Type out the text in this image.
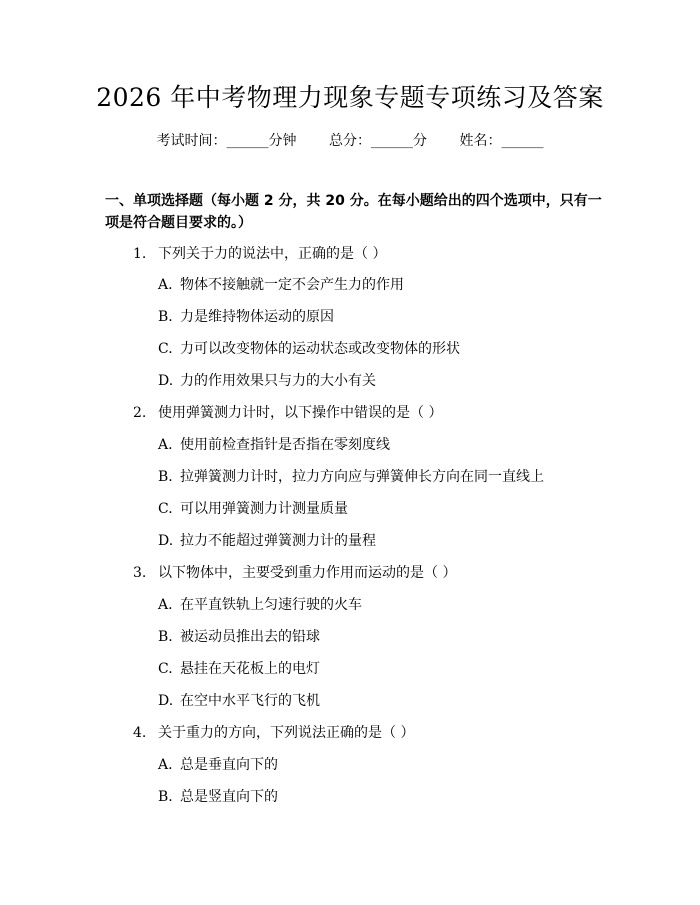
2026 年中考物理力现象专题专项练习及答案
考试时间：______分钟 总分：______分 姓名：______
一、单项选择题（每小题 2 分，共 20 分。在每小题给出的四个选项中，只有一项是符合题目要求的。）
1. 下列关于力的说法中，正确的是（ ）
A. 物体不接触就一定不会产生力的作用
B. 力是维持物体运动的原因
C. 力可以改变物体的运动状态或改变物体的形状
D. 力的作用效果只与力的大小有关
2. 使用弹簧测力计时，以下操作中错误的是（ ）
A. 使用前检查指针是否指在零刻度线
B. 拉弹簧测力计时，拉力方向应与弹簧伸长方向在同一直线上
C. 可以用弹簧测力计测量质量
D. 拉力不能超过弹簧测力计的量程
3. 以下物体中，主要受到重力作用而运动的是（ ）
A. 在平直铁轨上匀速行驶的火车
B. 被运动员推出去的铅球
C. 悬挂在天花板上的电灯
D. 在空中水平飞行的飞机
4. 关于重力的方向，下列说法正确的是（ ）
A. 总是垂直向下的
B. 总是竖直向下的
